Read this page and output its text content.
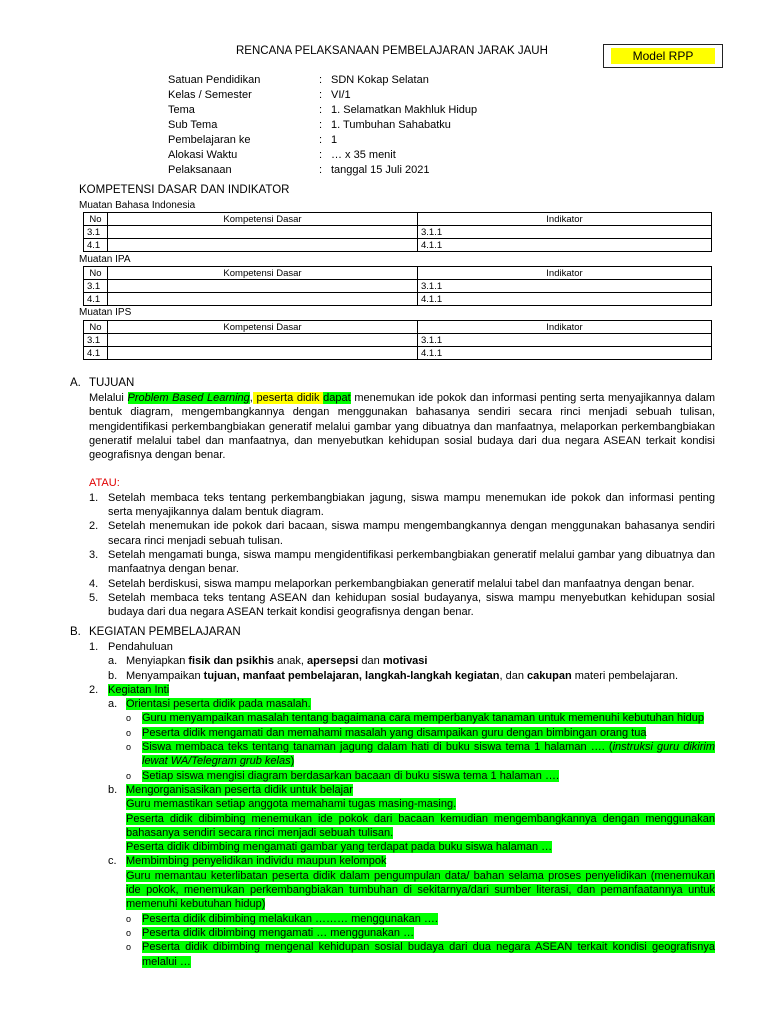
RENCANA PELAKSANAAN PEMBELAJARAN JARAK JAUH	Model RPP
Satuan Pendidikan	: SDN Kokap Selatan
Kelas / Semester	: VI/1
Tema	: 1. Selamatkan Makhluk Hidup
Sub Tema	: 1. Tumbuhan Sahabatku
Pembelajaran ke	: 1
Alokasi Waktu	: … x 35 menit
Pelaksanaan	: tanggal 15 Juli 2021
KOMPETENSI DASAR DAN INDIKATOR
Muatan Bahasa Indonesia
No	Kompetensi Dasar	Indikator
3.1		3.1.1
4.1		4.1.1
Muatan IPA
No	Kompetensi Dasar	Indikator
3.1		3.1.1
4.1		4.1.1
Muatan IPS
No	Kompetensi Dasar	Indikator
3.1		3.1.1
4.1		4.1.1
A. TUJUAN
Melalui Problem Based Learning, peserta didik dapat menemukan ide pokok dan informasi penting serta menyajikannya dalam bentuk diagram, mengembangkannya dengan menggunakan bahasanya sendiri secara rinci menjadi sebuah tulisan, mengidentifikasi perkembangbiakan generatif melalui gambar yang dibuatnya dan manfaatnya, melaporkan perkembangbiakan generatif melalui tabel dan manfaatnya, dan menyebutkan kehidupan sosial budaya dari dua negara ASEAN terkait kondisi geografisnya dengan benar.
ATAU:
1. Setelah membaca teks tentang perkembangbiakan jagung, siswa mampu menemukan ide pokok dan informasi penting serta menyajikannya dalam bentuk diagram.
2. Setelah menemukan ide pokok dari bacaan, siswa mampu mengembangkannya dengan menggunakan bahasanya sendiri secara rinci menjadi sebuah tulisan.
3. Setelah mengamati bunga, siswa mampu mengidentifikasi perkembangbiakan generatif melalui gambar yang dibuatnya dan manfaatnya dengan benar.
4. Setelah berdiskusi, siswa mampu melaporkan perkembangbiakan generatif melalui tabel dan manfaatnya dengan benar.
5. Setelah membaca teks tentang ASEAN dan kehidupan sosial budayanya, siswa mampu menyebutkan kehidupan sosial budaya dari dua negara ASEAN terkait kondisi geografisnya dengan benar.
B. KEGIATAN PEMBELAJARAN
1. Pendahuluan
a. Menyiapkan fisik dan psikhis anak, apersepsi dan motivasi
b. Menyampaikan tujuan, manfaat pembelajaran, langkah-langkah kegiatan, dan cakupan materi pembelajaran.
2. Kegiatan Inti
a. Orientasi peserta didik pada masalah.
o Guru menyampaikan masalah tentang bagaimana cara memperbanyak tanaman untuk memenuhi kebutuhan hidup
o Peserta didik mengamati dan memahami masalah yang disampaikan guru dengan bimbingan orang tua
o Siswa membaca teks tentang tanaman jagung dalam hati di buku siswa tema 1 halaman …. (instruksi guru dikirim lewat WA/Telegram grub kelas)
o Setiap siswa mengisi diagram berdasarkan bacaan di buku siswa tema 1 halaman ….
b. Mengorganisasikan peserta didik untuk belajar
Guru memastikan setiap anggota memahami tugas masing-masing.
Peserta didik dibimbing menemukan ide pokok dari bacaan kemudian mengembangkannya dengan menggunakan bahasanya sendiri secara rinci menjadi sebuah tulisan.
Peserta didik dibimbing mengamati gambar yang terdapat pada buku siswa halaman …
c. Membimbing penyelidikan individu maupun kelompok
Guru memantau keterlibatan peserta didik dalam pengumpulan data/ bahan selama proses penyelidikan (menemukan ide pokok, menemukan perkembangbiakan tumbuhan di sekitarnya/dari sumber literasi, dan pemanfaatannya untuk memenuhi kebutuhan hidup)
o Peserta didik dibimbing melakukan ……… menggunakan ….
o Peserta didik dibimbing mengamati … menggunakan …
o Peserta didik dibimbing mengenal kehidupan sosial budaya dari dua negara ASEAN terkait kondisi geografisnya melalui …
